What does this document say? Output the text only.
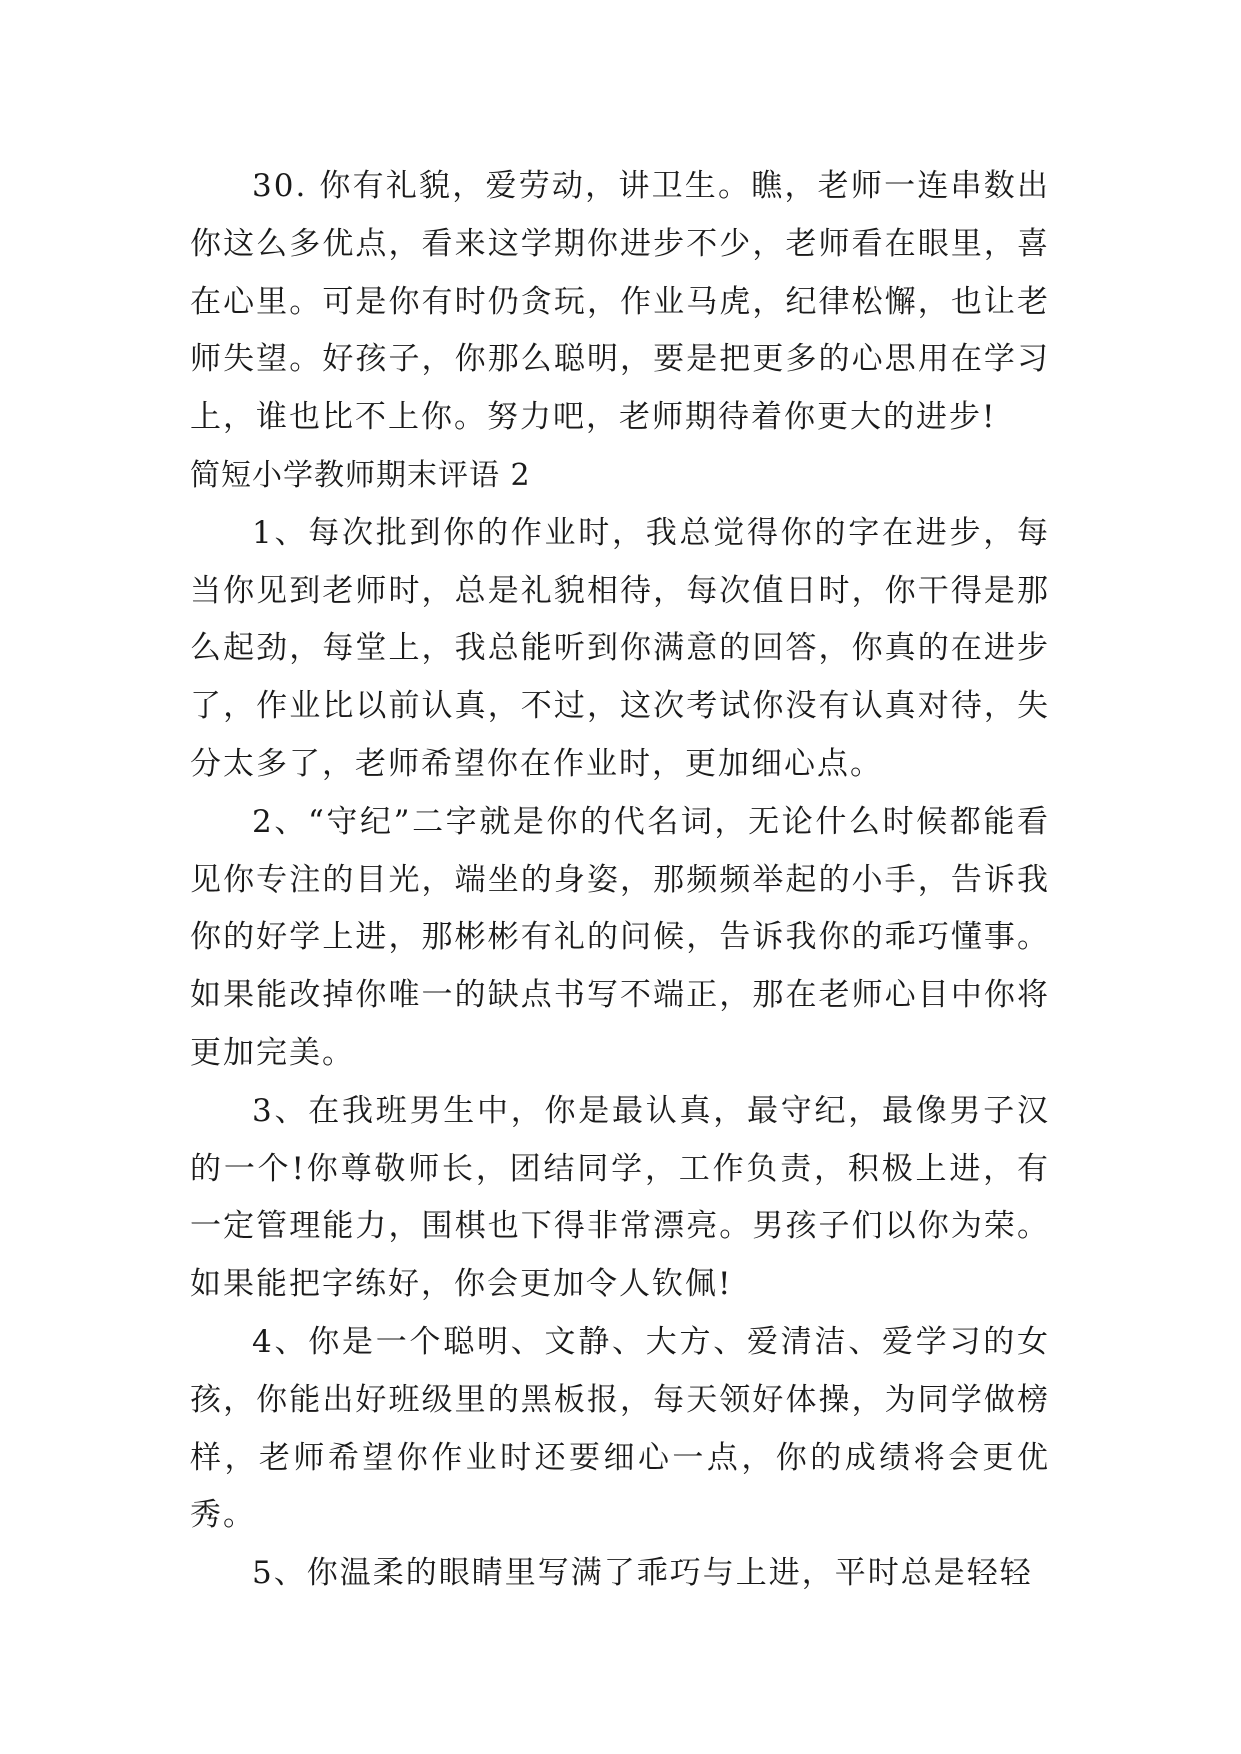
30. 你有礼貌，爱劳动，讲卫生。瞧，老师一连串数出你这么多优点，看来这学期你进步不少，老师看在眼里，喜在心里。可是你有时仍贪玩，作业马虎，纪律松懈，也让老师失望。好孩子，你那么聪明，要是把更多的心思用在学习上，谁也比不上你。努力吧，老师期待着你更大的进步!

简短小学教师期末评语 2

1、每次批到你的作业时，我总觉得你的字在进步，每当你见到老师时，总是礼貌相待，每次值日时，你干得是那么起劲，每堂上，我总能听到你满意的回答，你真的在进步了，作业比以前认真，不过，这次考试你没有认真对待，失分太多了，老师希望你在作业时，更加细心点。

2、“守纪”二字就是你的代名词，无论什么时候都能看见你专注的目光，端坐的身姿，那频频举起的小手，告诉我你的好学上进，那彬彬有礼的问候，告诉我你的乖巧懂事。如果能改掉你唯一的缺点书写不端正，那在老师心目中你将更加完美。

3、在我班男生中，你是最认真，最守纪，最像男子汉的一个!你尊敬师长，团结同学，工作负责，积极上进，有一定管理能力，围棋也下得非常漂亮。男孩子们以你为荣。如果能把字练好，你会更加令人钦佩!

4、你是一个聪明、文静、大方、爱清洁、爱学习的女孩，你能出好班级里的黑板报，每天领好体操，为同学做榜样，老师希望你作业时还要细心一点，你的成绩将会更优秀。

5、你温柔的眼睛里写满了乖巧与上进，平时总是轻轻
